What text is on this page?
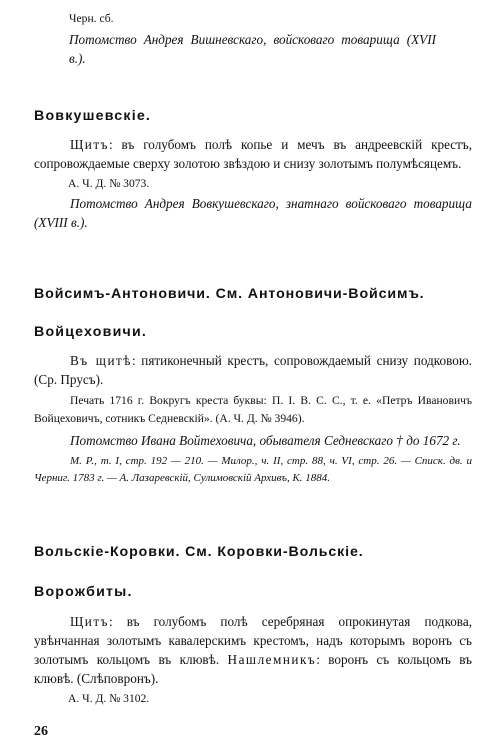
Черн. сб.

Потомство Андрея Вишневскаго, войсковаго товарища (XVII в.).

Вовкушевскіе.

Щитъ: въ голубомъ полѣ копье и мечъ въ андреевскій крестъ, сопровождаемые сверху золотою звѣздою и снизу золотымъ полумѣсяцемъ.

А. Ч. Д. № 3073.

Потомство Андрея Вовкушевскаго, знатнаго войсковаго товарища (XVIII в.).

Войсимъ-Антоновичи. См. Антоновичи-Войсимъ.

Войцеховичи.

Въ щитѣ: пятиконечный крестъ, сопровождаемый снизу подковою. (Ср. Прусъ).

Печать 1716 г. Вокругъ креста буквы: П. I. В. С. С., т. е. «Петръ Ивановичъ Войцеховичъ, сотникъ Седневскій». (А. Ч. Д. № 3946).

Потомство Ивана Войтеховича, обывателя Седневскаго † до 1672 г.

М. Р., т. I, стр. 192 — 210. — Милор., ч. II, стр. 88, ч. VI, стр. 26. — Списк. дв. и Черниг. 1783 г. — А. Лазаревскій, Сулимовскій Архивъ, К. 1884.

Вольскіе-Коровки. См. Коровки-Вольскіе.

Ворожбиты.

Щитъ: въ голубомъ полѣ серебряная опрокинутая подкова, увѣнчанная золотымъ кавалерскимъ крестомъ, надъ которымъ воронъ съ золотымъ кольцомъ въ клювѣ. Нашлемникъ: воронъ съ кольцомъ въ клювѣ. (Слѣповронъ).

А. Ч. Д. № 3102.

26
